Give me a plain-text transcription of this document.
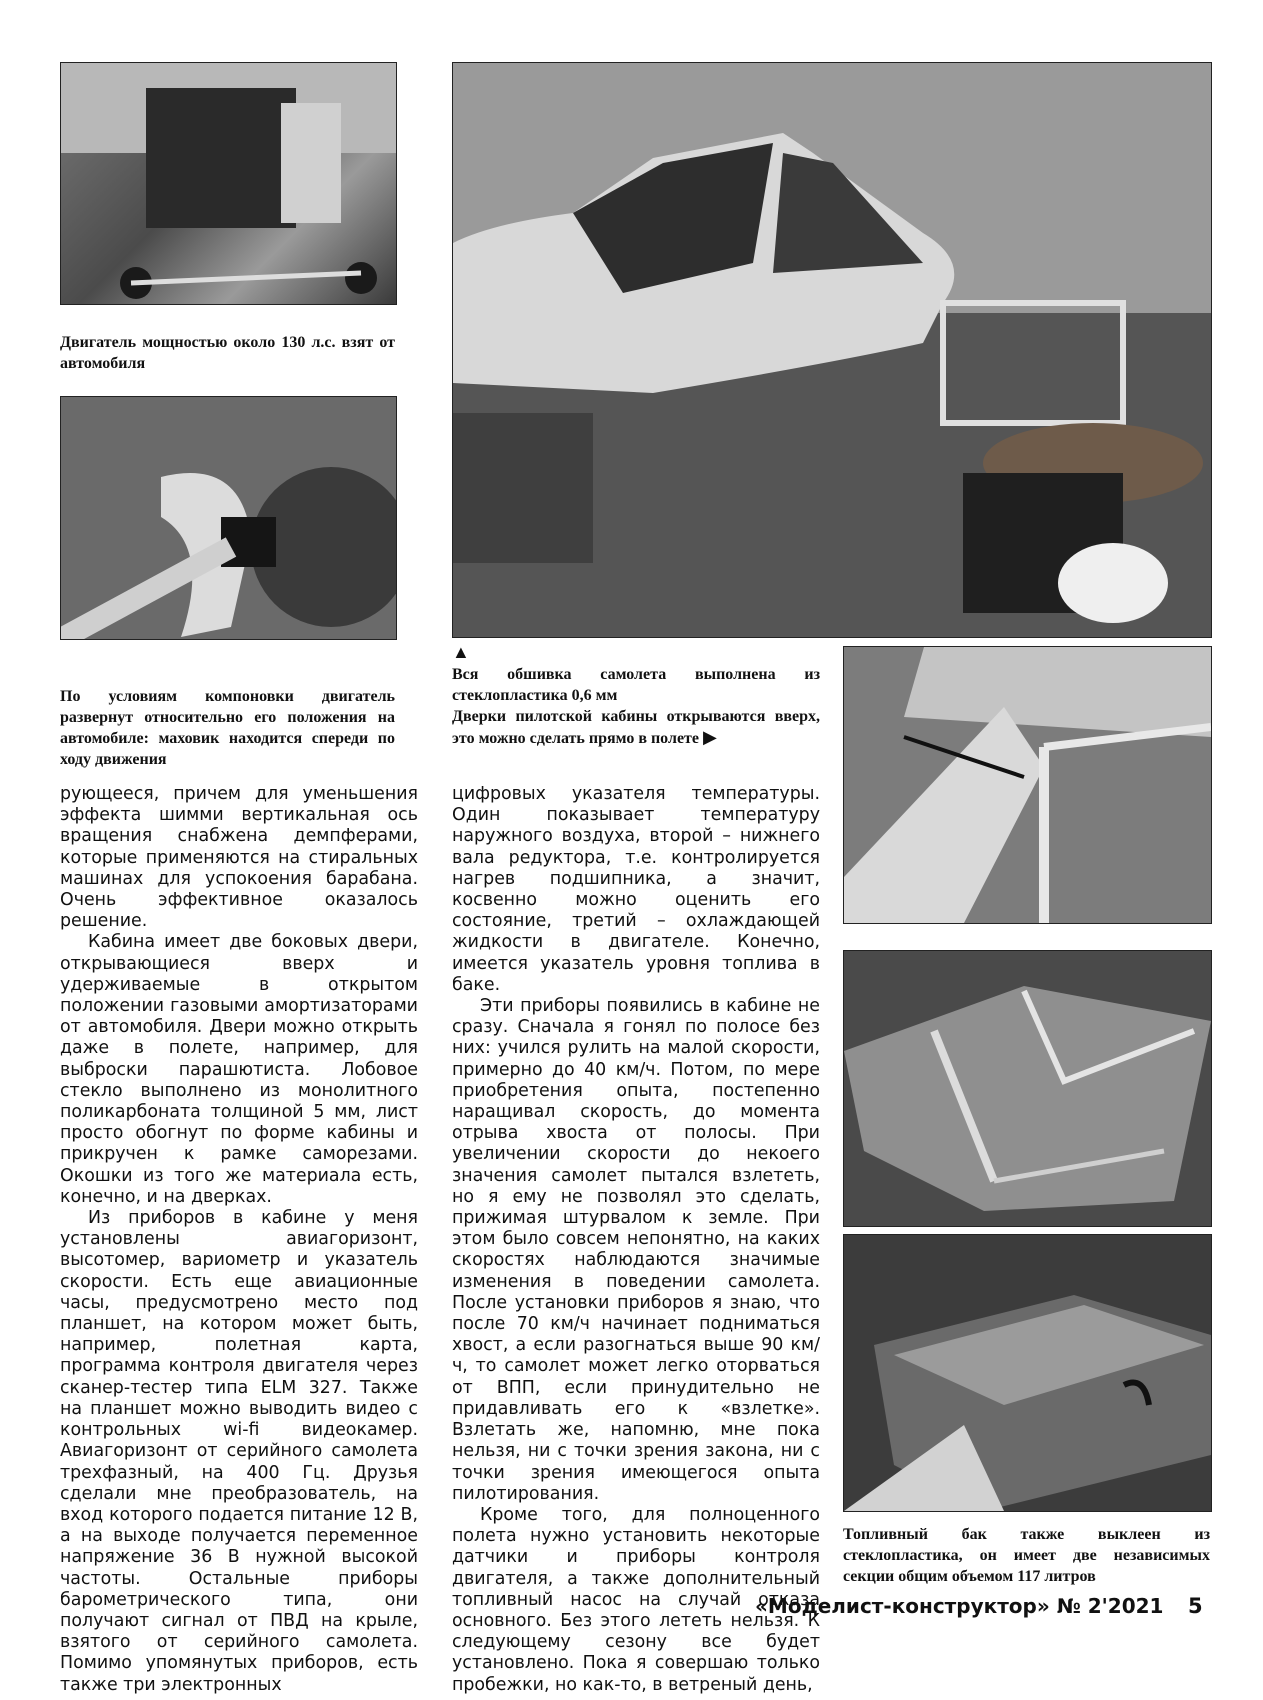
Двигатель мощностью около 130 л.с. взят от автомобиля

По условиям компоновки двигатель развернут относительно его положения на автомобиле: маховик находится спереди по ходу движения

▲

Вся обшивка самолета выполнена из стеклопластика 0,6 мм

Дверки пилотской кабины открываются вверх, это можно сделать прямо в полете ▶

Топливный бак также выклеен из стеклопластика, он имеет две независимых секции общим объемом 117 литров

рующееся, причем для уменьшения эффекта шимми вертикальная ось вращения снабжена демпферами, которые применяются на стиральных машинах для успокоения барабана. Очень эффективное оказалось решение.

Кабина имеет две боковых двери, открывающиеся вверх и удерживаемые в открытом положении газовыми амортизаторами от автомобиля. Двери можно открыть даже в полете, например, для выброски парашютиста. Лобовое стекло выполнено из монолитного поликарбоната толщиной 5 мм, лист просто обогнут по форме кабины и прикручен к рамке саморезами. Окошки из того же материала есть, конечно, и на дверках.

Из приборов в кабине у меня установлены авиагоризонт, высотомер, вариометр и указатель скорости. Есть еще авиационные часы, предусмотрено место под планшет, на котором может быть, например, полетная карта, программа контроля двигателя через сканер-тестер типа ELM 327. Также на планшет можно выводить видео с контрольных wi-fi видеокамер. Авиагоризонт от серийного самолета трехфазный, на 400 Гц. Друзья сделали мне преобразователь, на вход которого подается питание 12 В, а на выходе получается переменное напряжение 36 В нужной высокой частоты. Остальные приборы барометрического типа, они получают сигнал от ПВД на крыле, взятого от серийного самолета. Помимо упомянутых приборов, есть также три электронных

цифровых указателя температуры. Один показывает температуру наружного воздуха, второй – нижнего вала редуктора, т.е. контролируется нагрев подшипника, а значит, косвенно можно оценить его состояние, третий – охлаждающей жидкости в двигателе. Конечно, имеется указатель уровня топлива в баке.

Эти приборы появились в кабине не сразу. Сначала я гонял по полосе без них: учился рулить на малой скорости, примерно до 40 км/ч. Потом, по мере приобретения опыта, постепенно наращивал скорость, до момента отрыва хвоста от полосы. При увеличении скорости до некоего значения самолет пытался взлететь, но я ему не позволял это сделать, прижимая штурвалом к земле. При этом было совсем непонятно, на каких скоростях наблюдаются значимые изменения в поведении самолета. После установки приборов я знаю, что после 70 км/ч начинает подниматься хвост, а если разогнаться выше 90 км/ч, то самолет может легко оторваться от ВПП, если принудительно не придавливать его к «взлетке». Взлетать же, напомню, мне пока нельзя, ни с точки зрения закона, ни с точки зрения имеющегося опыта пилотирования.

Кроме того, для полноценного полета нужно установить некоторые датчики и приборы контроля двигателя, а также дополнительный топливный насос на случай отказа основного. Без этого лететь нельзя. К следующему сезону все будет установлено. Пока я совершаю только пробежки, но как-то, в ветреный день,

«Моделист-конструктор» № 2'2021 5
